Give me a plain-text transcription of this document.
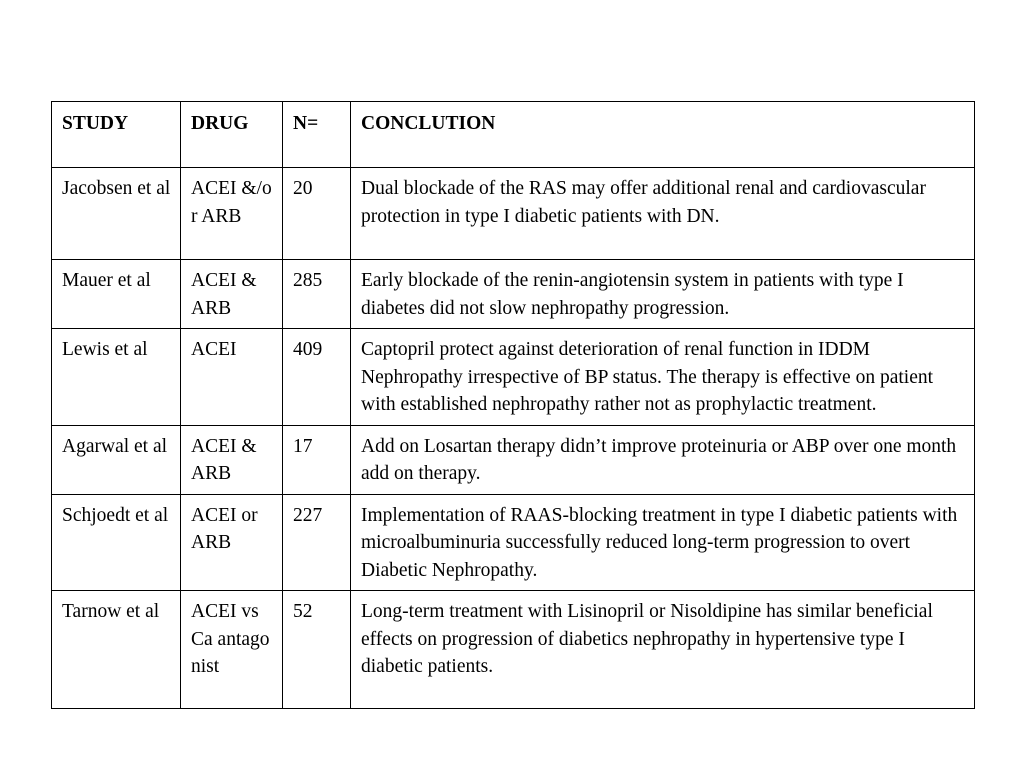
STUDY	DRUG	N=	CONCLUTION
Jacobsen et al	ACEI &/or ARB	20	Dual blockade of the RAS may offer additional renal and cardiovascular protection in type I diabetic patients with DN.
Mauer et al	ACEI & ARB	285	Early blockade of the renin-angiotensin system in patients with type I diabetes did not slow nephropathy progression.
Lewis et al	ACEI	409	Captopril protect against deterioration of renal function in IDDM Nephropathy irrespective of BP status. The therapy is effective on patient with established nephropathy rather not as prophylactic treatment.
Agarwal et al	ACEI & ARB	17	Add on Losartan therapy didn’t improve proteinuria or ABP over one month add on therapy.
Schjoedt et al	ACEI or ARB	227	Implementation of RAAS-blocking treatment in type I diabetic patients with microalbuminuria successfully reduced long-term progression to overt Diabetic Nephropathy.
Tarnow et al	ACEI vs Ca antagonist	52	Long-term treatment with Lisinopril or Nisoldipine has similar beneficial effects on progression of diabetics nephropathy in hypertensive type I diabetic patients.
